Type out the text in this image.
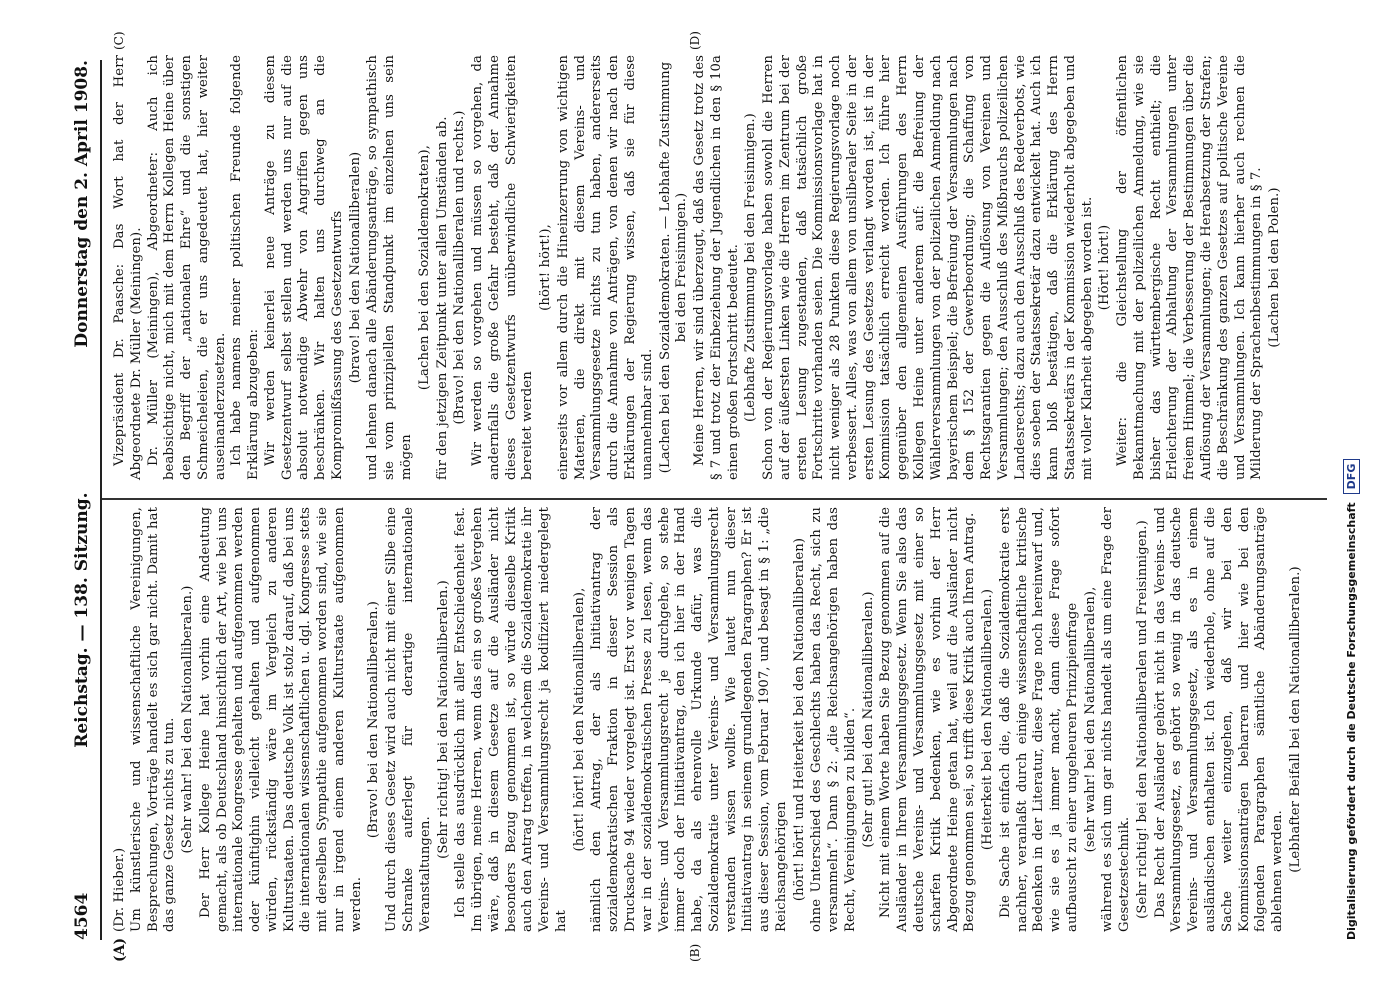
4564
Reichstag. — 138. Sitzung.
Donnerstag den 2. April 1908.
(A)	(B)
(C)	(D)

(Dr. Hieber.) Um künstlerische und wissenschaftliche Vereinigungen, Besprechungen, Vorträge handelt es sich gar nicht. Damit hat das ganze Gesetz nichts zu tun. (Sehr wahr! bei den Nationalliberalen.) Der Herr Kollege Heine hat vorhin eine Andeutung gemacht, als ob Deutschland hinsichtlich der Art, wie bei uns internationale Kongresse gehalten und aufgenommen werden oder künftighin vielleicht gehalten und aufgenommen würden, rückständig wäre im Vergleich zu anderen Kulturstaaten. Das deutsche Volk ist stolz darauf, daß bei uns die internationalen wissenschaftlichen u. dgl. Kongresse stets mit derselben Sympathie aufgenommen worden sind, wie sie nur in irgend einem anderen Kulturstaate aufgenommen werden.

(Bravo! bei den Nationalliberalen.) Und durch dieses Gesetz wird auch nicht mit einer Silbe eine Schranke auferlegt für derartige internationale Veranstaltungen.

(Sehr richtig! bei den Nationalliberalen.) Ich stelle das ausdrücklich mit aller Entschiedenheit fest. Im übrigen, meine Herren, wenn das ein so großes Vergehen wäre, daß in diesem Gesetze auf die Ausländer nicht besonders Bezug genommen ist, so würde dieselbe Kritik auch den Antrag treffen, in welchem die Sozialdemokratie ihr Vereins- und Versammlungsrecht ja kodifiziert niedergelegt hat

(hört! hört! bei den Nationalliberalen), nämlich den Antrag, der als Initiativantrag der sozialdemokratischen Fraktion in dieser Session als Drucksache 94 wieder vorgelegt ist. Erst vor wenigen Tagen war in der sozialdemokratischen Presse zu lesen, wenn das Vereins- und Versammlungsrecht je durchgehe, so stehe immer doch der Initiativantrag, den ich hier in der Hand habe, da als ehrenvolle Urkunde dafür, was die Sozialdemokratie unter Vereins- und Versammlungsrecht verstanden wissen wollte. Wie lautet nun dieser Initiativantrag in seinem grundlegenden Paragraphen? Er ist aus dieser Session, vom Februar 1907, und besagt in § 1: „die Reichsangehörigen (hört! hört! und Heiterkeit bei den Nationalliberalen) ohne Unterschied des Geschlechts haben das Recht, sich zu versammeln“. Dann § 2: „die Reichsangehörigen haben das Recht, Vereinigungen zu bilden“. (Sehr gut! bei den Nationalliberalen.) Nicht mit einem Worte haben Sie Bezug genommen auf die Ausländer in Ihrem Versammlungsgesetz. Wenn Sie also das deutsche Vereins- und Versammlungsgesetz mit einer so scharfen Kritik bedenken, wie es vorhin der Herr Abgeordnete Heine getan hat, weil auf die Ausländer nicht Bezug genommen sei, so trifft diese Kritik auch Ihren Antrag. (Heiterkeit bei den Nationalliberalen.) Die Sache ist einfach die, daß die Sozialdemokratie erst nachher, veranlaßt durch einige wissenschaftliche kritische Bedenken in der Literatur, diese Frage noch hereinwarf und, wie sie es ja immer macht, dann diese Frage sofort aufbauscht zu einer ungeheuren Prinzipienfrage (sehr wahr! bei den Nationalliberalen), während es sich um gar nichts handelt als um eine Frage der Gesetzestechnik. (Sehr richtig! bei den Nationalliberalen und Freisinnigen.) Das Recht der Ausländer gehört nicht in das Vereins- und Versammlungsgesetz, es gehört so wenig in das deutsche Vereins- und Versammlungsgesetz, als es in einem ausländischen enthalten ist. Ich wiederhole, ohne auf die Sache weiter einzugehen, daß wir bei den Kommissionsanträgen beharren und hier wie bei den folgenden Paragraphen sämtliche Abänderungsanträge ablehnen werden. (Lebhafter Beifall bei den Nationalliberalen.)

Vizepräsident Dr. Paasche: Das Wort hat der Herr Abgeordnete Dr. Müller (Meiningen). Dr. Müller (Meiningen), Abgeordneter: Auch ich beabsichtige nicht, mich mit dem Herrn Kollegen Heine über den Begriff der „nationalen Ehre“ und die sonstigen Schmeicheleien, die er uns angedeutet hat, hier weiter auseinanderzusetzen. Ich habe namens meiner politischen Freunde folgende Erklärung abzugeben: Wir werden keinerlei neue Anträge zu diesem Gesetzentwurf selbst stellen und werden uns nur auf die absolut notwendige Abwehr von Angriffen gegen uns beschränken. Wir halten uns durchweg an die Kompromißfassung des Gesetzentwurfs (bravo! bei den Nationalliberalen) und lehnen danach alle Abänderungsanträge, so sympathisch sie vom prinzipiellen Standpunkt im einzelnen uns sein mögen

(Lachen bei den Sozialdemokraten), für den jetzigen Zeitpunkt unter allen Umständen ab. (Bravo! bei den Nationalliberalen und rechts.) Wir werden so vorgehen und müssen so vorgehen, da andernfalls die große Gefahr besteht, daß der Annahme dieses Gesetzentwurfs unüberwindliche Schwierigkeiten bereitet werden

(hört! hört!), einerseits vor allem durch die Hineinzerrung von wichtigen Materien, die direkt mit diesem Vereins- und Versammlungsgesetze nichts zu tun haben, andererseits durch die Annahme von Anträgen, von denen wir nach den Erklärungen der Regierung wissen, daß sie für diese unannehmbar sind. (Lachen bei den Sozialdemokraten. — Lebhafte Zustimmung bei den Freisinnigen.) Meine Herren, wir sind überzeugt, daß das Gesetz trotz des § 7 und trotz der Einbeziehung der Jugendlichen in den § 10a einen großen Fortschritt bedeutet. (Lebhafte Zustimmung bei den Freisinnigen.) Schon von der Regierungsvorlage haben sowohl die Herren auf der äußersten Linken wie die Herren im Zentrum bei der ersten Lesung zugestanden, daß tatsächlich große Fortschritte vorhanden seien. Die Kommissionsvorlage hat in nicht weniger als 28 Punkten diese Regierungsvorlage noch verbessert. Alles, was von allem von unsliberaler Seite in der ersten Lesung des Gesetzes verlangt worden ist, ist in der Kommission tatsächlich erreicht worden. Ich führe hier gegenüber den allgemeinen Ausführungen des Herrn Kollegen Heine unter anderem auf: die Befreiung der Wählerversammlungen von der polizeilichen Anmeldung nach bayerischem Beispiel; die Befreiung der Versammlungen nach dem § 152 der Gewerbeordnung; die Schaffung von Rechtsgarantien gegen die Auflösung von Vereinen und Versammlungen; den Ausschluß des Mißbrauchs polizeilichen Landesrechts; dazu auch den Ausschluß des Redeverbots, wie dies soeben der Staatssekretär dazu entwickelt hat. Auch ich kann bloß bestätigen, daß die Erklärung des Herrn Staatssekretärs in der Kommission wiederholt abgegeben und mit voller Klarheit abgegeben worden ist. (Hört! hört!) Weiter: die Gleichstellung der öffentlichen Bekanntmachung mit der polizeilichen Anmeldung, wie sie bisher das württembergische Recht enthielt; die Erleichterung der Abhaltung der Versammlungen unter freiem Himmel; die Verbesserung der Bestimmungen über die Auflösung der Versammlungen; die Herabsetzung der Strafen; die Beschränkung des ganzen Gesetzes auf politische Vereine und Versammlungen. Ich kann hierher auch rechnen die Milderung der Sprachenbestimmungen in § 7. (Lachen bei den Polen.)

Digitalisierung gefördert durch die Deutsche Forschungsgemeinschaft
DFG
